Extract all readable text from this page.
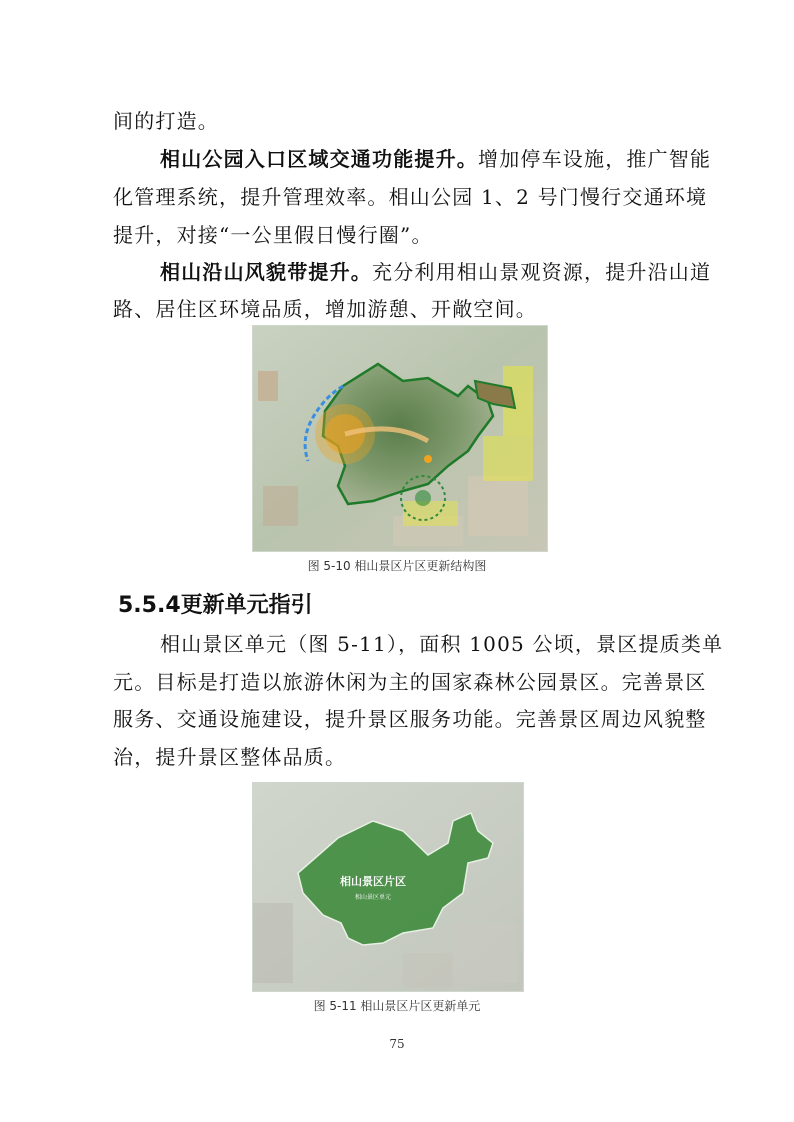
间的打造。
相山公园入口区域交通功能提升。增加停车设施，推广智能
化管理系统，提升管理效率。相山公园 1、2 号门慢行交通环境
提升，对接“一公里假日慢行圈”。
相山沿山风貌带提升。充分利用相山景观资源，提升沿山道
路、居住区环境品质，增加游憩、开敞空间。
图 5-10 相山景区片区更新结构图
5.5.4更新单元指引
相山景区单元（图 5-11），面积 1005 公顷，景区提质类单
元。目标是打造以旅游休闲为主的国家森林公园景区。完善景区
服务、交通设施建设，提升景区服务功能。完善景区周边风貌整
治，提升景区整体品质。
相山景区片区
相山景区单元
图 5-11 相山景区片区更新单元
75
